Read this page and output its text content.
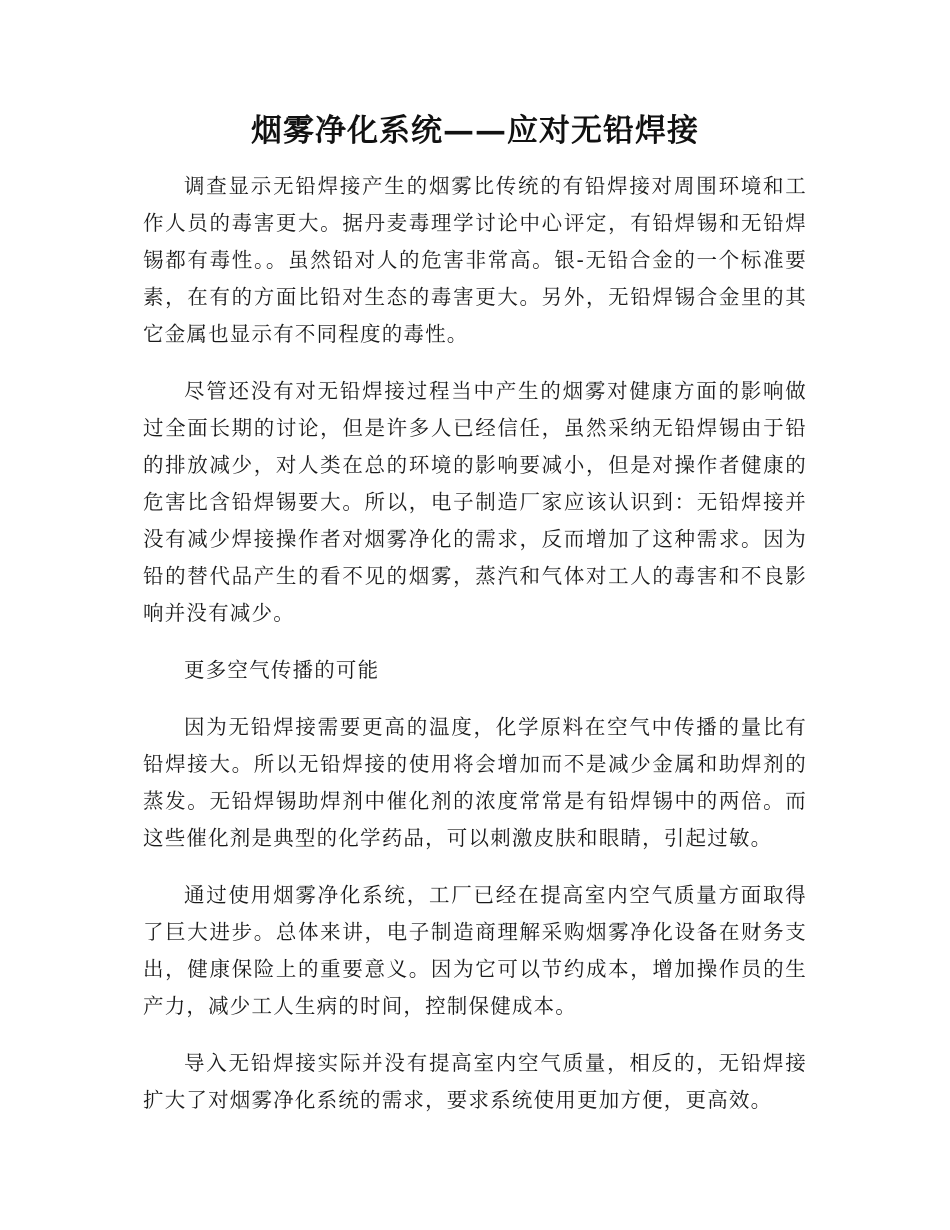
烟雾净化系统——应对无铅焊接

调查显示无铅焊接产生的烟雾比传统的有铅焊接对周围环境和工作人员的毒害更大。据丹麦毒理学讨论中心评定，有铅焊锡和无铅焊锡都有毒性。。虽然铅对人的危害非常高。银-无铅合金的一个标准要素，在有的方面比铅对生态的毒害更大。另外，无铅焊锡合金里的其它金属也显示有不同程度的毒性。

尽管还没有对无铅焊接过程当中产生的烟雾对健康方面的影响做过全面长期的讨论，但是许多人已经信任，虽然采纳无铅焊锡由于铅的排放减少，对人类在总的环境的影响要减小，但是对操作者健康的危害比含铅焊锡要大。所以，电子制造厂家应该认识到：无铅焊接并没有减少焊接操作者对烟雾净化的需求，反而增加了这种需求。因为铅的替代品产生的看不见的烟雾，蒸汽和气体对工人的毒害和不良影响并没有减少。

更多空气传播的可能

因为无铅焊接需要更高的温度，化学原料在空气中传播的量比有铅焊接大。所以无铅焊接的使用将会增加而不是减少金属和助焊剂的蒸发。无铅焊锡助焊剂中催化剂的浓度常常是有铅焊锡中的两倍。而这些催化剂是典型的化学药品，可以刺激皮肤和眼睛，引起过敏。

通过使用烟雾净化系统，工厂已经在提高室内空气质量方面取得了巨大进步。总体来讲，电子制造商理解采购烟雾净化设备在财务支出，健康保险上的重要意义。因为它可以节约成本，增加操作员的生产力，减少工人生病的时间，控制保健成本。

导入无铅焊接实际并没有提高室内空气质量，相反的，无铅焊接扩大了对烟雾净化系统的需求，要求系统使用更加方便，更高效。
